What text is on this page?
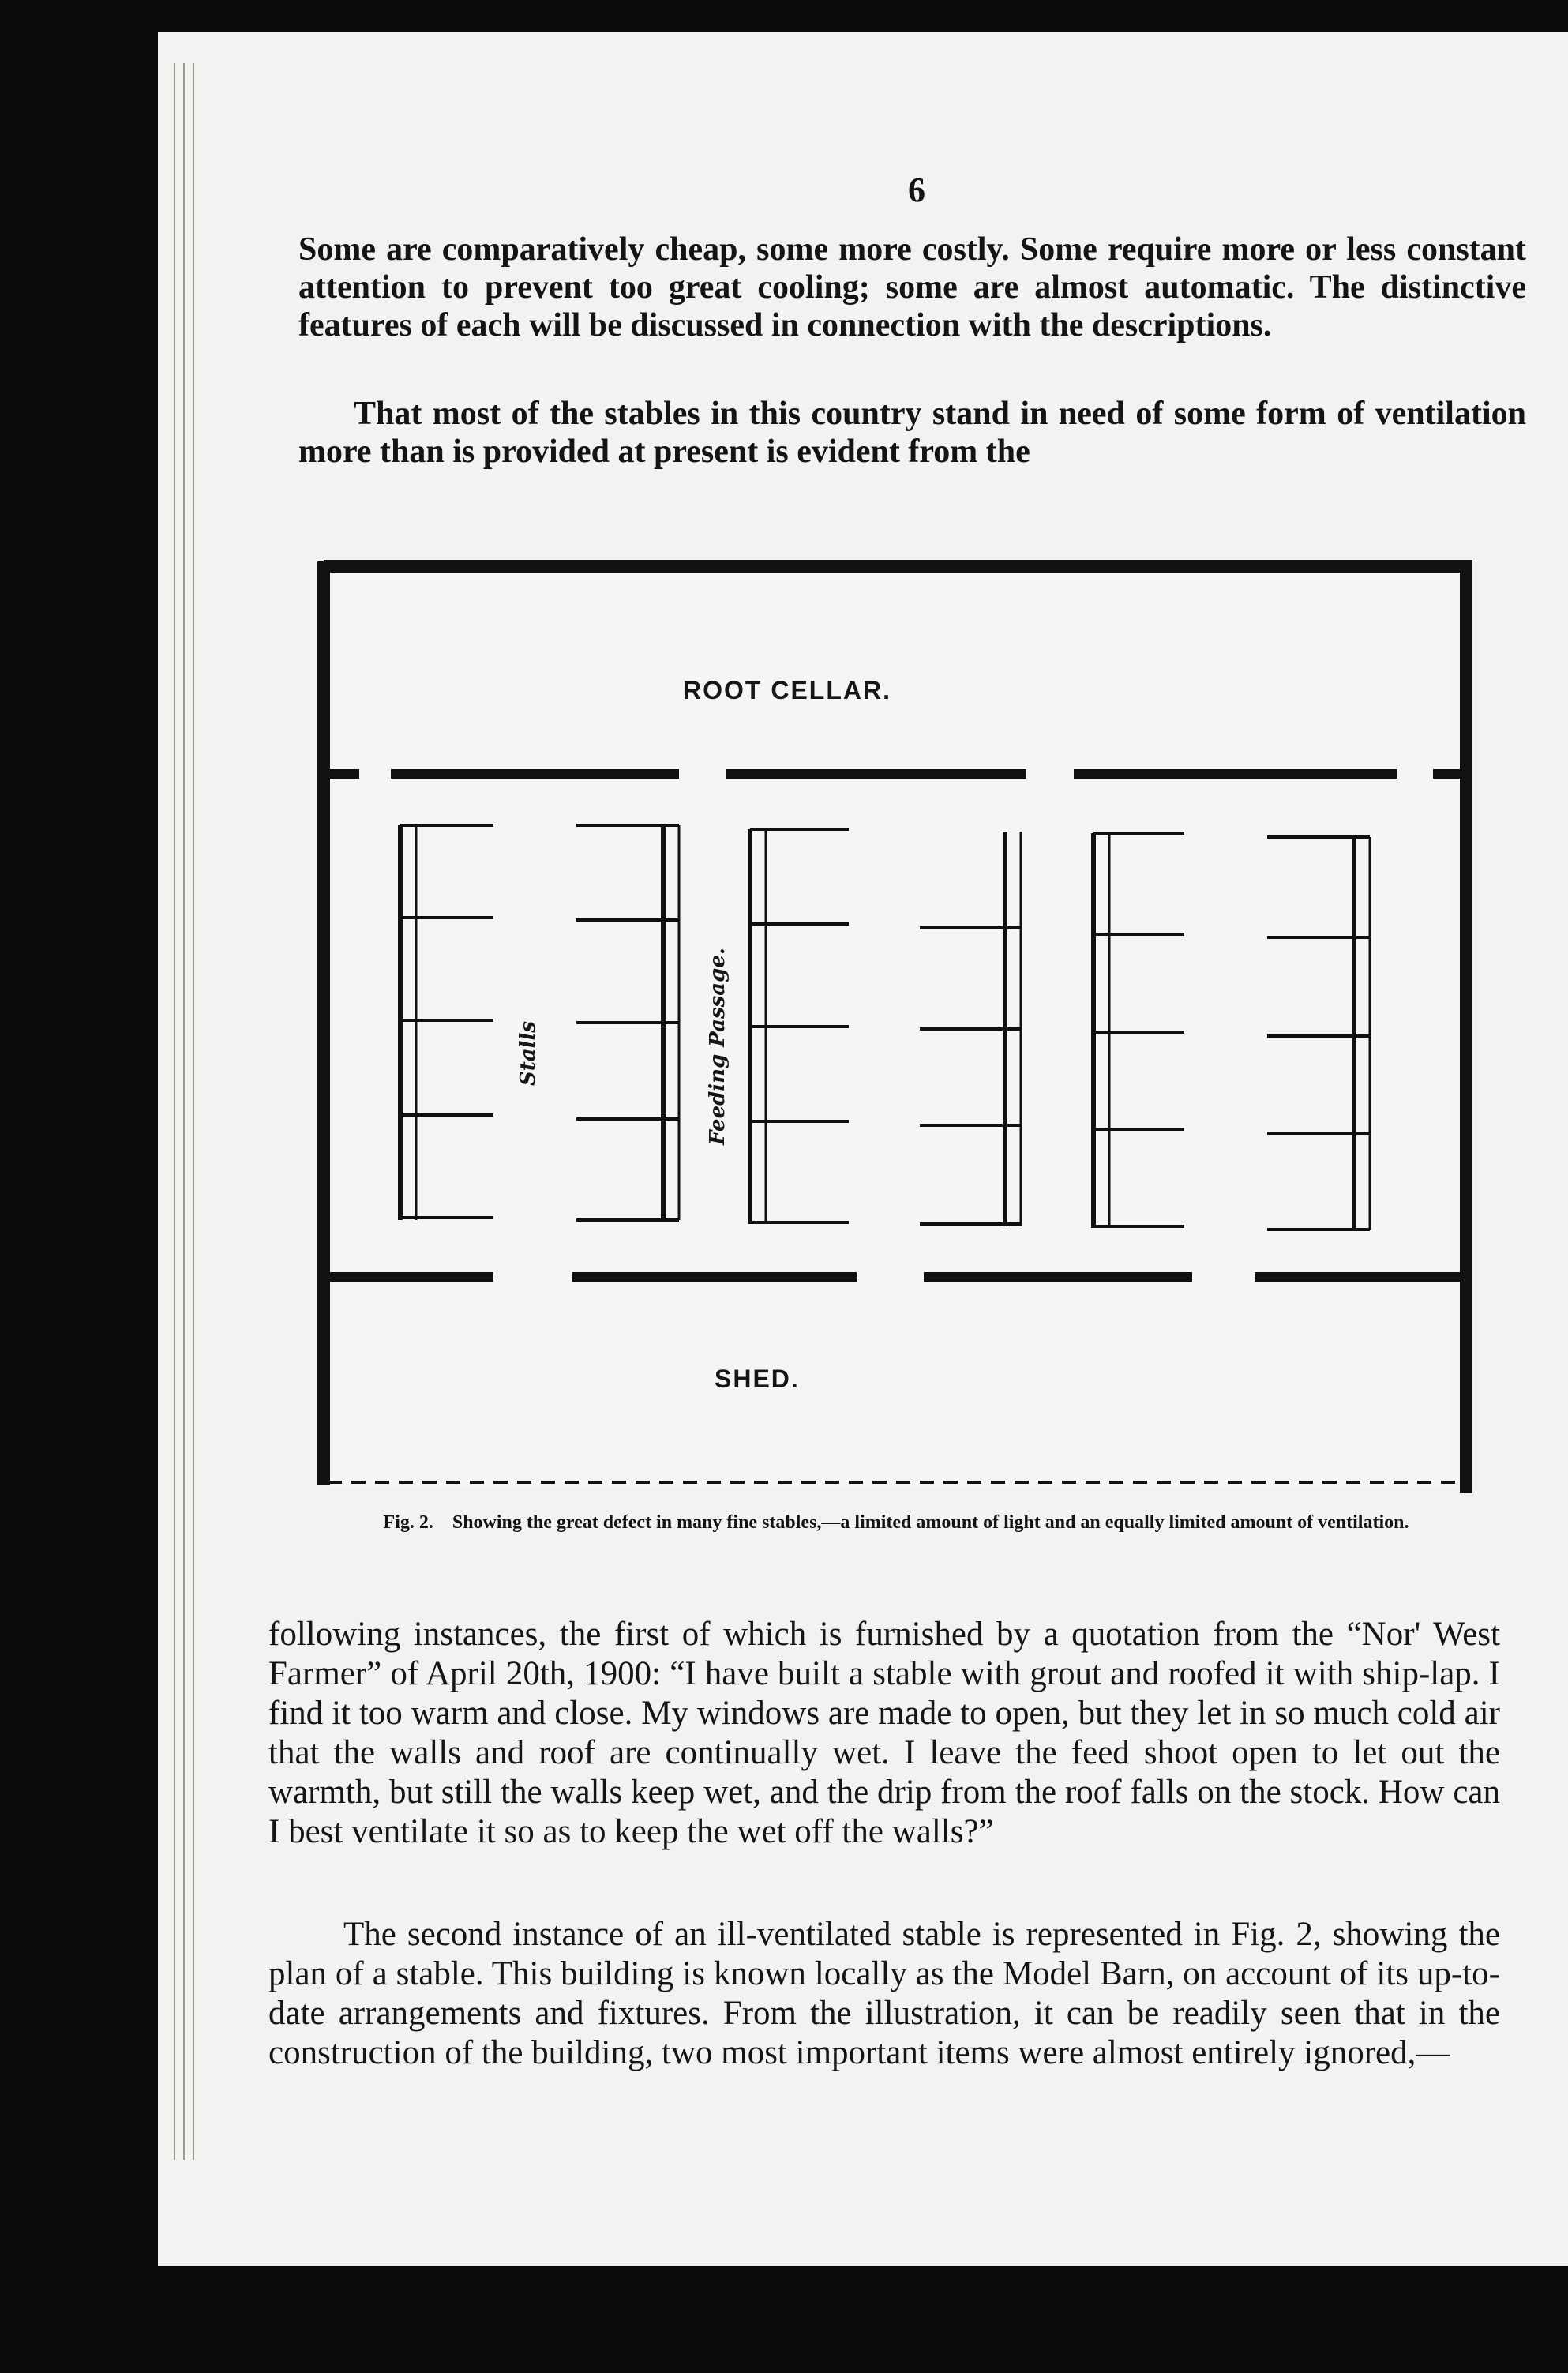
6

Some are comparatively cheap, some more costly. Some require more or less constant attention to prevent too great cooling; some are almost automatic. The distinctive features of each will be discussed in connection with the descriptions.

That most of the stables in this country stand in need of some form of ventilation more than is provided at present is evident from the

ROOT CELLAR.
SHED.
Stalls	Feeding Passage.

Fig. 2. Showing the great defect in many fine stables,—a limited amount of light and an equally limited amount of ventilation.

following instances, the first of which is furnished by a quotation from the “Nor' West Farmer” of April 20th, 1900: “I have built a stable with grout and roofed it with ship-lap. I find it too warm and close. My windows are made to open, but they let in so much cold air that the walls and roof are continually wet. I leave the feed shoot open to let out the warmth, but still the walls keep wet, and the drip from the roof falls on the stock. How can I best ventilate it so as to keep the wet off the walls?”

The second instance of an ill-ventilated stable is represented in Fig. 2, showing the plan of a stable. This building is known locally as the Model Barn, on account of its up-to-date arrangements and fixtures. From the illustration, it can be readily seen that in the construction of the building, two most important items were almost entirely ignored,—
